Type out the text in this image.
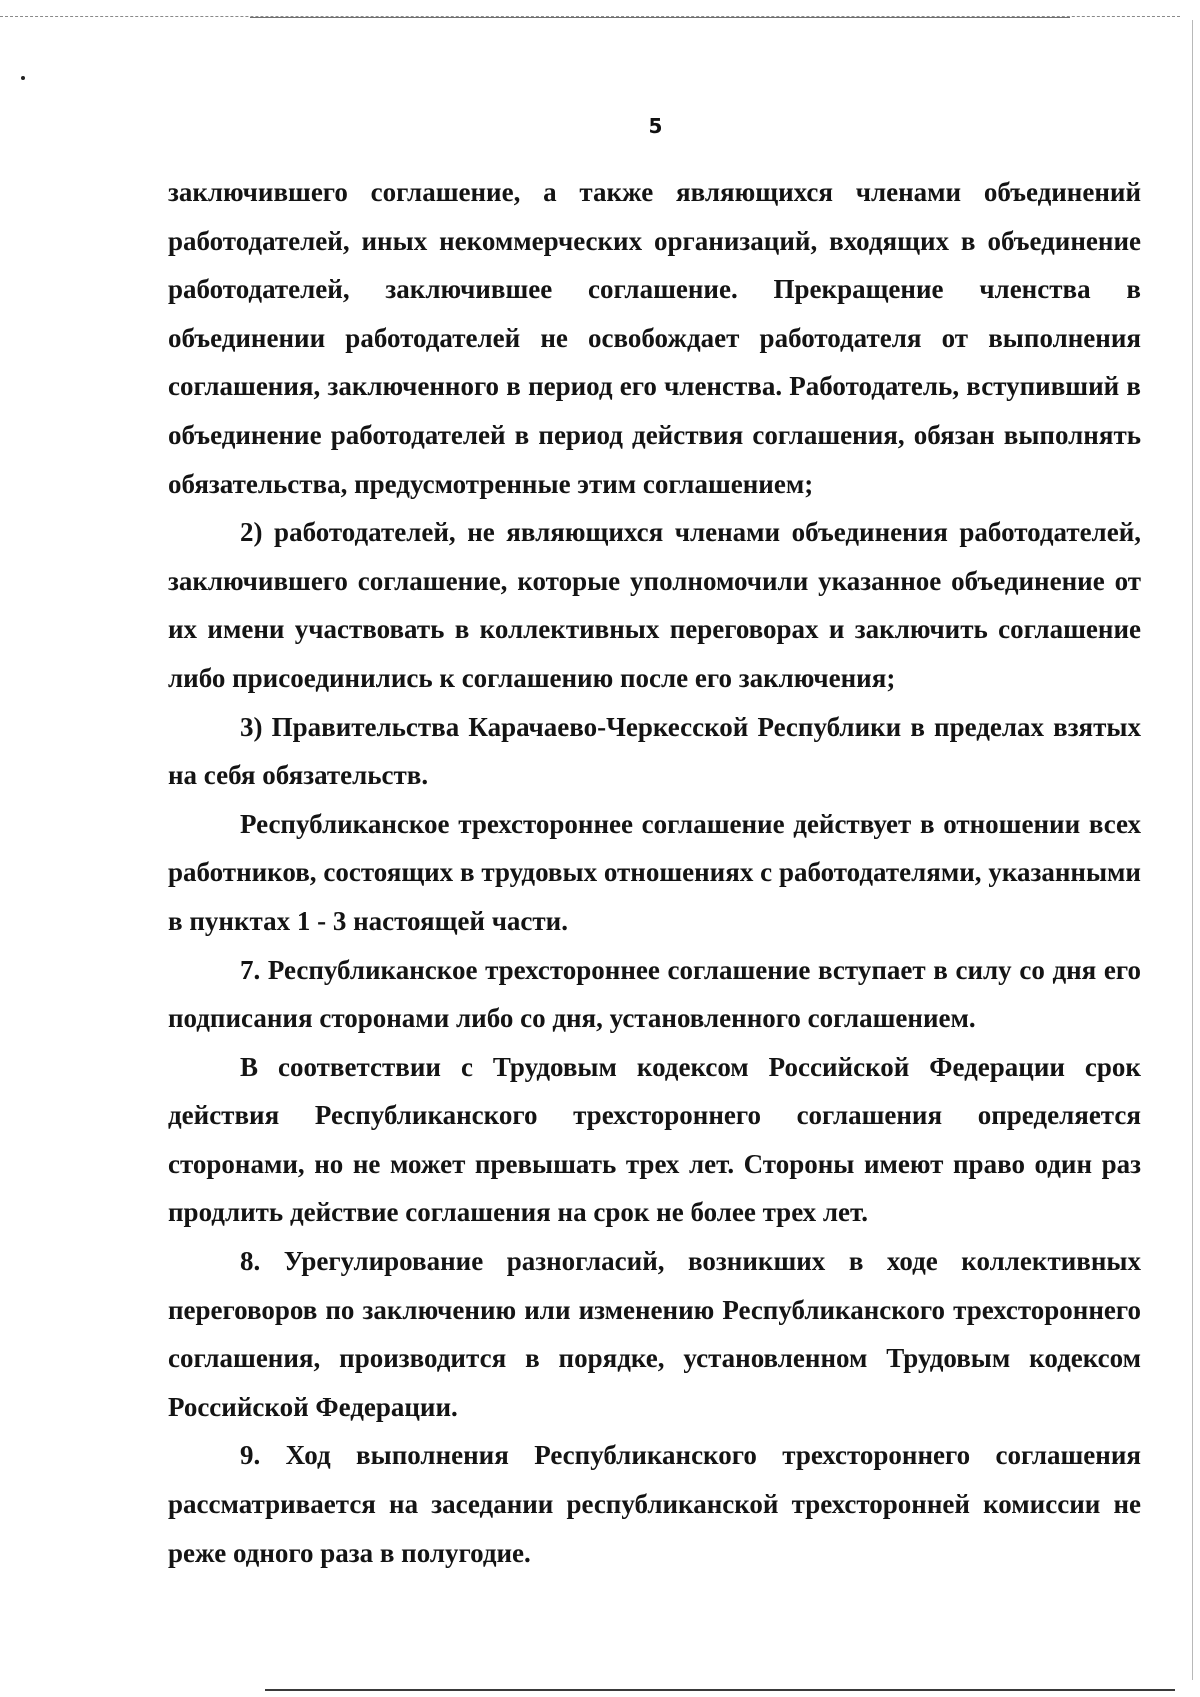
5

заключившего соглашение, а также являющихся членами объединений работодателей, иных некоммерческих организаций, входящих в объединение работодателей, заключившее соглашение. Прекращение членства в объединении работодателей не освобождает работодателя от выполнения соглашения, заключенного в период его членства. Работодатель, вступивший в объединение работодателей в период действия соглашения, обязан выполнять обязательства, предусмотренные этим соглашением;

2) работодателей, не являющихся членами объединения работодателей, заключившего соглашение, которые уполномочили указанное объединение от их имени участвовать в коллективных переговорах и заключить соглашение либо присоединились к соглашению после его заключения;

3) Правительства Карачаево-Черкесской Республики в пределах взятых на себя обязательств.

Республиканское трехстороннее соглашение действует в отношении всех работников, состоящих в трудовых отношениях с работодателями, указанными в пунктах 1 - 3 настоящей части.

7. Республиканское трехстороннее соглашение вступает в силу со дня его подписания сторонами либо со дня, установленного соглашением.

В соответствии с Трудовым кодексом Российской Федерации срок действия Республиканского трехстороннего соглашения определяется сторонами, но не может превышать трех лет. Стороны имеют право один раз продлить действие соглашения на срок не более трех лет.

8. Урегулирование разногласий, возникших в ходе коллективных переговоров по заключению или изменению Республиканского трехстороннего соглашения, производится в порядке, установленном Трудовым кодексом Российской Федерации.

9. Ход выполнения Республиканского трехстороннего соглашения рассматривается на заседании республиканской трехсторонней комиссии не реже одного раза в полугодие.
